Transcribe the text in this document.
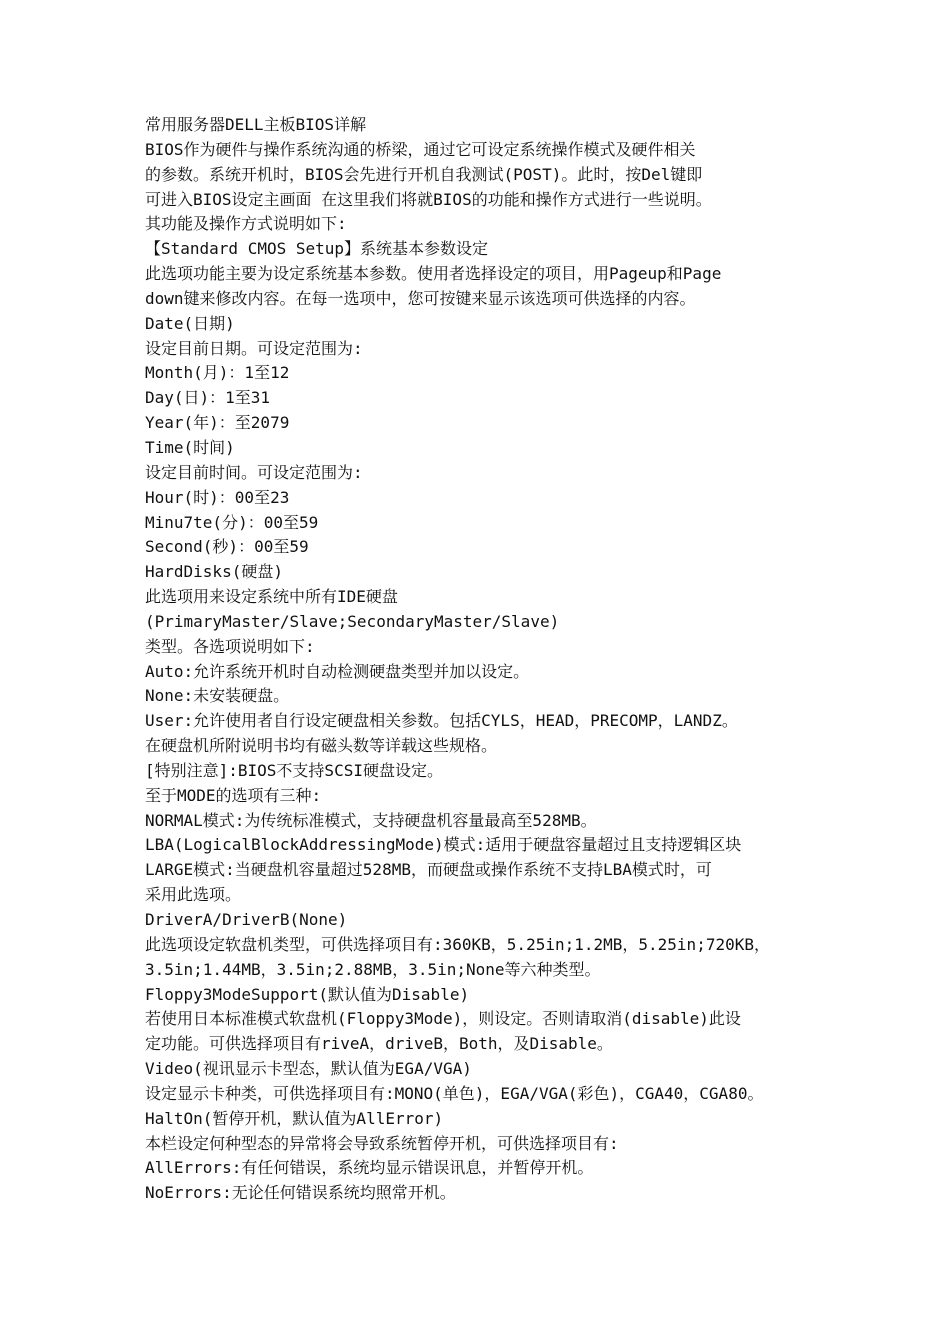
常用服务器DELL主板BIOS详解
BIOS作为硬件与操作系统沟通的桥梁，通过它可设定系统操作模式及硬件相关
的参数。系统开机时，BIOS会先进行开机自我测试(POST)。此时，按Del键即
可进入BIOS设定主画面 在这里我们将就BIOS的功能和操作方式进行一些说明。
其功能及操作方式说明如下:
【Standard CMOS Setup】系统基本参数设定
此选项功能主要为设定系统基本参数。使用者选择设定的项目，用Pageup和Page
down键来修改内容。在每一选项中，您可按键来显示该选项可供选择的内容。
Date(日期)
设定目前日期。可设定范围为:
Month(月)：1至12
Day(日)：1至31
Year(年)：至2079
Time(时间)
设定目前时间。可设定范围为:
Hour(时)：00至23
Minu7te(分)：00至59
Second(秒)：00至59
HardDisks(硬盘)
此选项用来设定系统中所有IDE硬盘
(PrimaryMaster/Slave;SecondaryMaster/Slave)
类型。各选项说明如下:
Auto:允许系统开机时自动检测硬盘类型并加以设定。
None:未安装硬盘。
User:允许使用者自行设定硬盘相关参数。包括CYLS，HEAD，PRECOMP，LANDZ。
在硬盘机所附说明书均有磁头数等详载这些规格。
[特别注意]:BIOS不支持SCSI硬盘设定。
至于MODE的选项有三种:
NORMAL模式:为传统标准模式，支持硬盘机容量最高至528MB。
LBA(LogicalBlockAddressingMode)模式:适用于硬盘容量超过且支持逻辑区块
LARGE模式:当硬盘机容量超过528MB，而硬盘或操作系统不支持LBA模式时，可
采用此选项。
DriverA/DriverB(None)
此选项设定软盘机类型，可供选择项目有:360KB，5.25in;1.2MB，5.25in;720KB，
3.5in;1.44MB，3.5in;2.88MB，3.5in;None等六种类型。
Floppy3ModeSupport(默认值为Disable)
若使用日本标准模式软盘机(Floppy3Mode)，则设定。否则请取消(disable)此设
定功能。可供选择项目有riveA，driveB，Both，及Disable。
Video(视讯显示卡型态，默认值为EGA/VGA)
设定显示卡种类，可供选择项目有:MONO(单色)，EGA/VGA(彩色)，CGA40，CGA80。
HaltOn(暂停开机，默认值为AllError)
本栏设定何种型态的异常将会导致系统暂停开机，可供选择项目有:
AllErrors:有任何错误，系统均显示错误讯息，并暂停开机。
NoErrors:无论任何错误系统均照常开机。
